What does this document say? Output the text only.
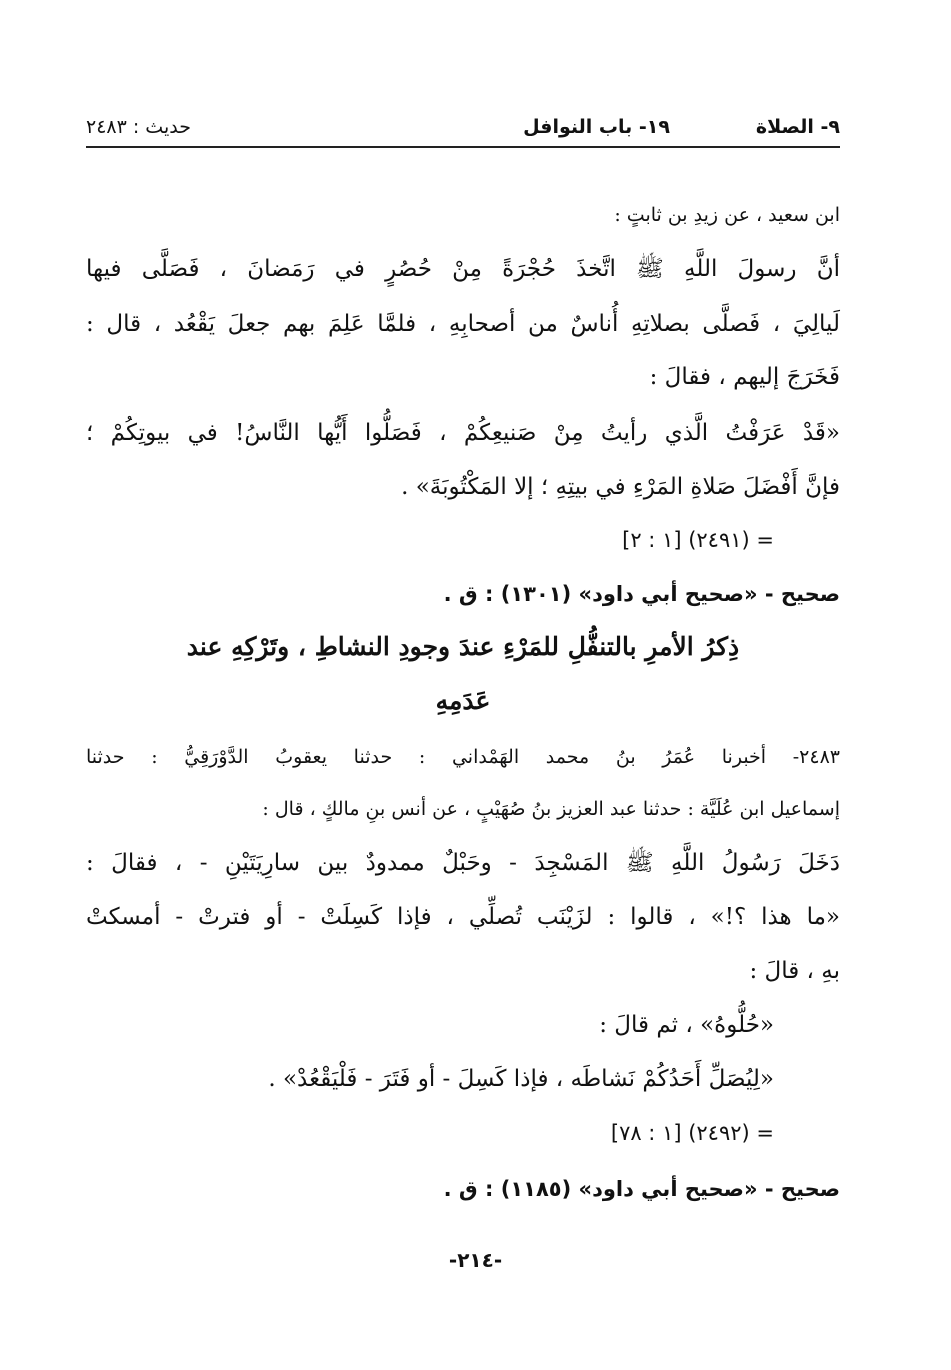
٩- الصلاة
١٩- باب النوافل
حديث : ٢٤٨٣
ابن سعيد ، عن زيدِ بن ثابتٍ :
أنَّ رسولَ اللَّهِ ﷺ اتَّخذَ حُجْرَةً مِنْ حُصُرٍ في رَمَضانَ ، فَصَلَّى فيها
لَيالِيَ ، فَصلَّى بصلاتِهِ أُناسٌ من أصحابِهِ ، فلمَّا عَلِمَ بهم جعلَ يَقْعُد ، قال :
فَخَرَجَ إليهم ، فقالَ :
«قَدْ عَرَفْتُ الَّذي رأيتُ مِنْ صَنيعِكُمْ ، فَصَلُّوا أَيُّها النَّاسُ! في بيوتِكُمْ ؛
فإنَّ أَفْضَلَ صَلاةِ المَرْءِ في بيتِهِ ؛ إلا المَكْتُوبَةَ» .
= (٢٤٩١) [١ : ٢]
صحيح - «صحيح أبي داود» (١٣٠١) : ق .
ذِكرُ الأمرِ بالتنفُّلِ للمَرْءِ عندَ وجودِ النشاطِ ، وتَرْكِهِ عند
عَدَمِهِ
٢٤٨٣- أخبرنا عُمَرُ بنُ محمد الهَمْداني : حدثنا يعقوبُ الدَّوْرَقِيُّ : حدثنا
إسماعيل ابن عُلَيَّة : حدثنا عبد العزيز بنُ صُهَيْبٍ ، عن أنس بنِ مالكٍ ، قال :
دَخَلَ رَسُولُ اللَّهِ ﷺ المَسْجِدَ - وحَبْلٌ ممدودٌ بين سارِيَتَيْنِ - ، فقالَ :
«ما هذا ؟!» ، قالوا : لزَيْنَب تُصلِّي ، فإذا كَسِلَتْ - أو فترتْ - أمسكتْ
بهِ ، قالَ :
«حُلُّوهُ» ، ثم قالَ :
«لِيُصَلِّ أَحَدُكُمْ نَشاطَه ، فإذا كَسِلَ - أو فَتَرَ - فَلْيَقْعُدْ» .
= (٢٤٩٢) [١ : ٧٨]
صحيح - «صحيح أبي داود» (١١٨٥) : ق .
-٢١٤-
